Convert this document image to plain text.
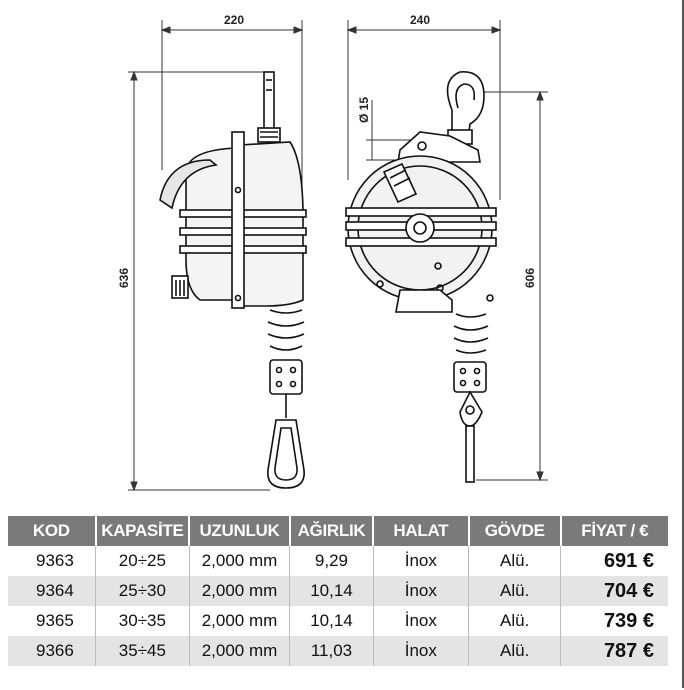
220
636
240
606
Ø 15
KOD	KAPASİTE	UZUNLUK	AĞIRLIK	HALAT	GÖVDE	FİYAT / €
9363	20÷25	2,000 mm	9,29	İnox	Alü.	691 €
9364	25÷30	2,000 mm	10,14	İnox	Alü.	704 €
9365	30÷35	2,000 mm	10,14	İnox	Alü.	739 €
9366	35÷45	2,000 mm	11,03	İnox	Alü.	787 €
